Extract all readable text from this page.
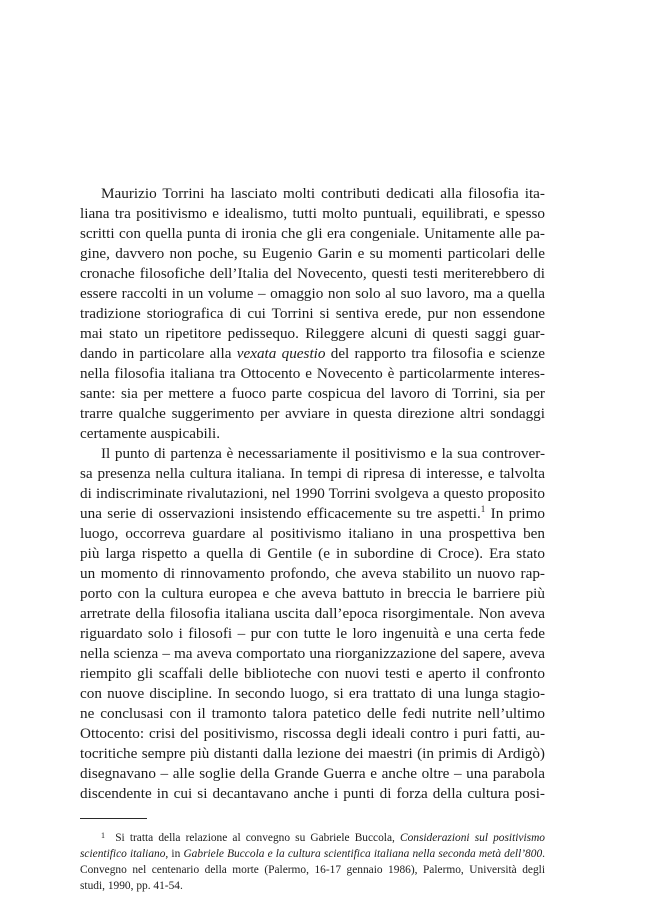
Maurizio Torrini ha lasciato molti contributi dedicati alla filosofia ita-
liana tra positivismo e idealismo, tutti molto puntuali, equilibrati, e spesso
scritti con quella punta di ironia che gli era congeniale. Unitamente alle pa-
gine, davvero non poche, su Eugenio Garin e su momenti particolari delle
cronache filosofiche dell’Italia del Novecento, questi testi meriterebbero di
essere raccolti in un volume – omaggio non solo al suo lavoro, ma a quella
tradizione storiografica di cui Torrini si sentiva erede, pur non essendone
mai stato un ripetitore pedissequo. Rileggere alcuni di questi saggi guar-
dando in particolare alla vexata questio del rapporto tra filosofia e scienze
nella filosofia italiana tra Ottocento e Novecento è particolarmente interes-
sante: sia per mettere a fuoco parte cospicua del lavoro di Torrini, sia per
trarre qualche suggerimento per avviare in questa direzione altri sondaggi
certamente auspicabili.
Il punto di partenza è necessariamente il positivismo e la sua controver-
sa presenza nella cultura italiana. In tempi di ripresa di interesse, e talvolta
di indiscriminate rivalutazioni, nel 1990 Torrini svolgeva a questo proposito
una serie di osservazioni insistendo efficacemente su tre aspetti.$^1$ In primo
luogo, occorreva guardare al positivismo italiano in una prospettiva ben
più larga rispetto a quella di Gentile (e in subordine di Croce). Era stato
un momento di rinnovamento profondo, che aveva stabilito un nuovo rap-
porto con la cultura europea e che aveva battuto in breccia le barriere più
arretrate della filosofia italiana uscita dall’epoca risorgimentale. Non aveva
riguardato solo i filosofi – pur con tutte le loro ingenuità e una certa fede
nella scienza – ma aveva comportato una riorganizzazione del sapere, aveva
riempito gli scaffali delle biblioteche con nuovi testi e aperto il confronto
con nuove discipline. In secondo luogo, si era trattato di una lunga stagio-
ne conclusasi con il tramonto talora patetico delle fedi nutrite nell’ultimo
Ottocento: crisi del positivismo, riscossa degli ideali contro i puri fatti, au-
tocritiche sempre più distanti dalla lezione dei maestri (in primis di Ardigò)
disegnavano – alle soglie della Grande Guerra e anche oltre – una parabola
discendente in cui si decantavano anche i punti di forza della cultura posi-
$^1$ Si tratta della relazione al convegno su Gabriele Buccola, Considerazioni sul positivismo
scientifico italiano, in Gabriele Buccola e la cultura scientifica italiana nella seconda metà dell’800.
Convegno nel centenario della morte (Palermo, 16-17 gennaio 1986), Palermo, Università degli
studi, 1990, pp. 41-54.
